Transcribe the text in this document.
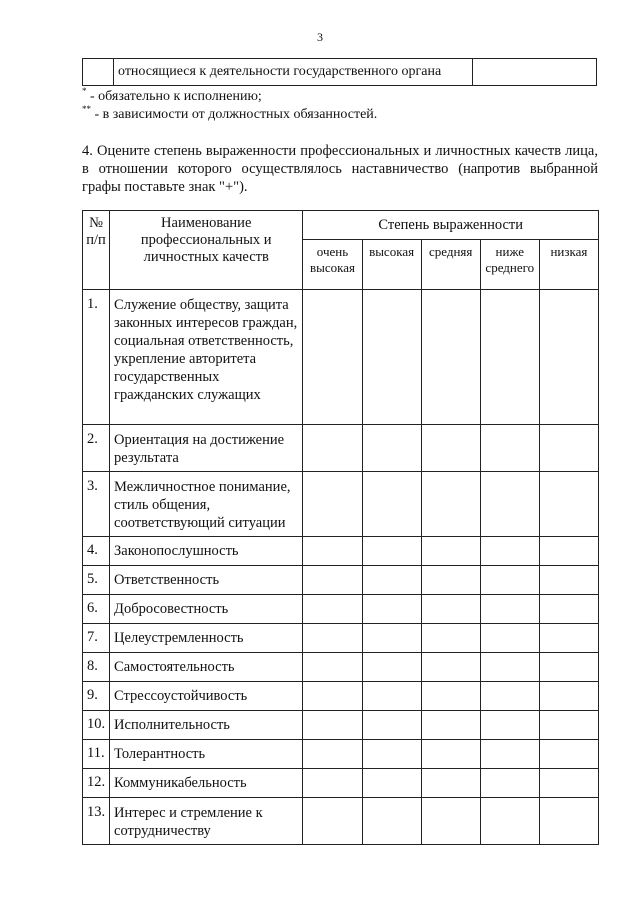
3
	относящиеся к деятельности государственного органа	
* - обязательно к исполнению;
** - в зависимости от должностных обязанностей.
4. Оцените степень выраженности профессиональных и личностных качеств лица, в отношении которого осуществлялось наставничество (напротив выбранной графы поставьте знак "+").
№ п/п	Наименование профессиональных и личностных качеств	Степень выраженности				
		очень высокая	высокая	средняя	ниже среднего	низкая
1.	Служение обществу, защита законных интересов граждан, социальная ответственность, укрепление авторитета государственных гражданских служащих					
2.	Ориентация на достижение результата					
3.	Межличностное понимание, стиль общения, соответствующий ситуации					
4.	Законопослушность					
5.	Ответственность					
6.	Добросовестность					
7.	Целеустремленность					
8.	Самостоятельность					
9.	Стрессоустойчивость					
10.	Исполнительность					
11.	Толерантность					
12.	Коммуникабельность					
13.	Интерес и стремление к сотрудничеству					
